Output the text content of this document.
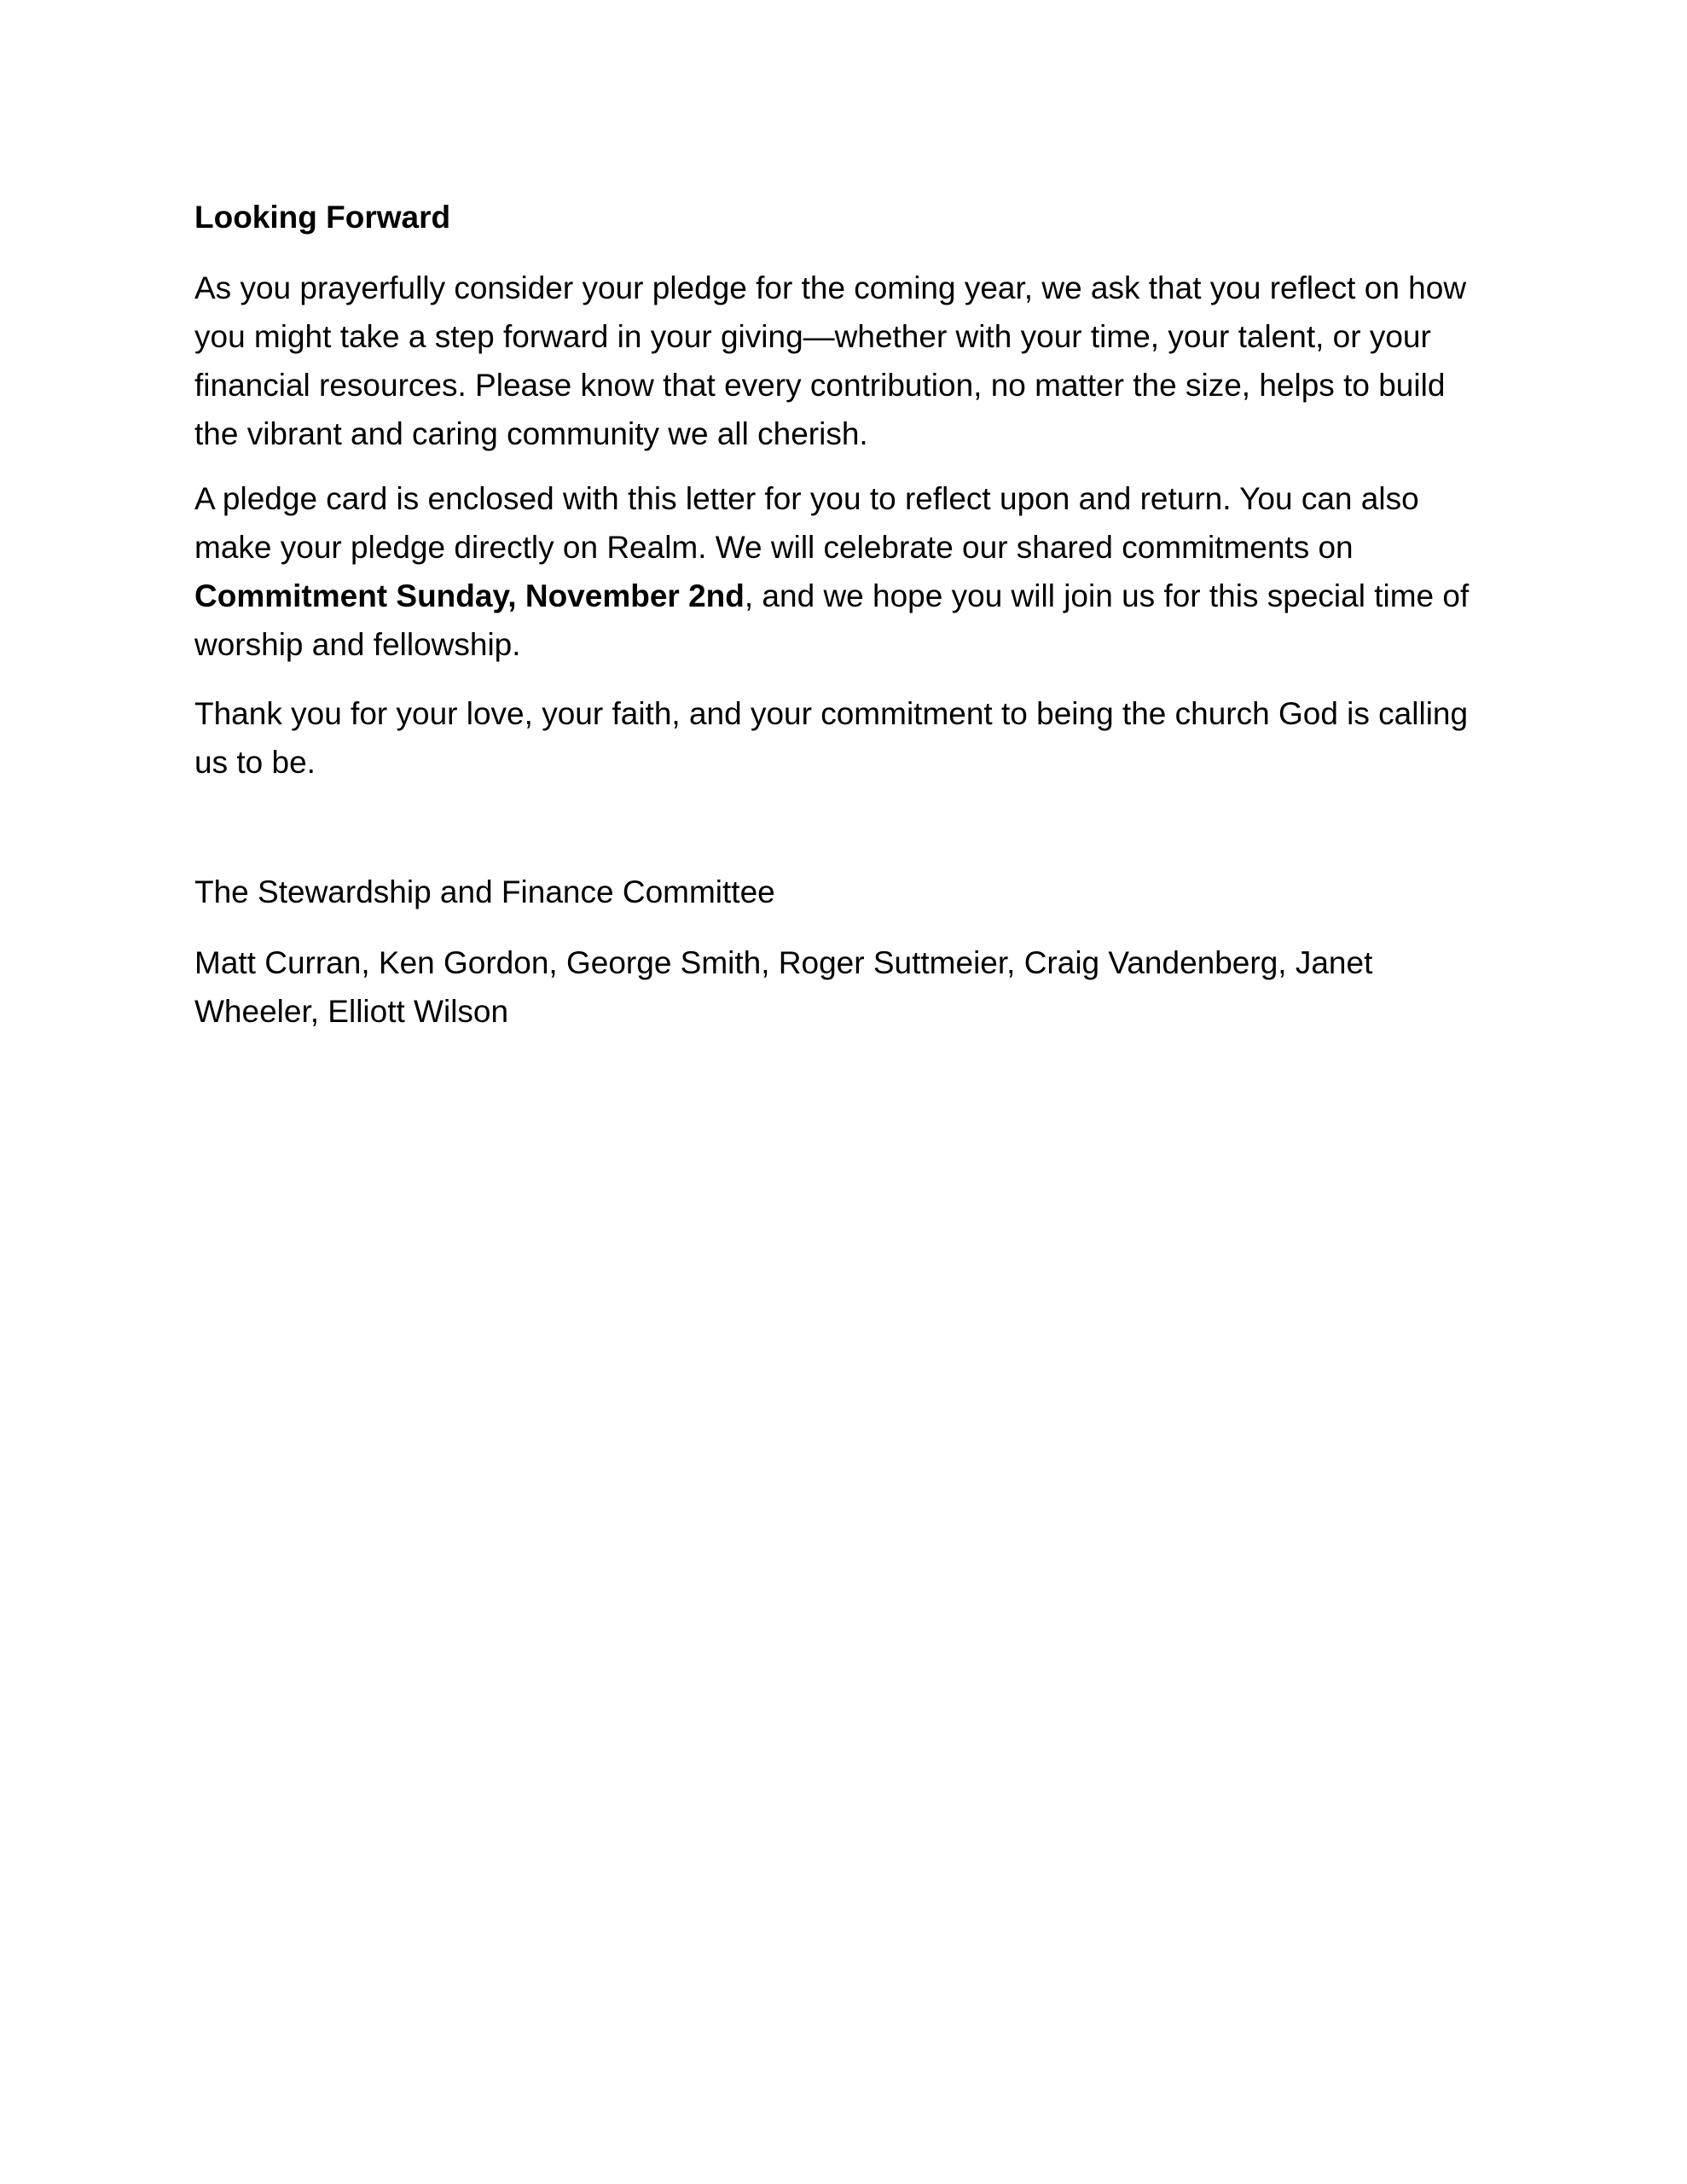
Looking Forward

As you prayerfully consider your pledge for the coming year, we ask that you reflect on how you might take a step forward in your giving—whether with your time, your talent, or your financial resources. Please know that every contribution, no matter the size, helps to build the vibrant and caring community we all cherish.

A pledge card is enclosed with this letter for you to reflect upon and return. You can also make your pledge directly on Realm. We will celebrate our shared commitments on Commitment Sunday, November 2nd, and we hope you will join us for this special time of worship and fellowship.

Thank you for your love, your faith, and your commitment to being the church God is calling us to be.

The Stewardship and Finance Committee

Matt Curran, Ken Gordon, George Smith, Roger Suttmeier, Craig Vandenberg, Janet Wheeler, Elliott Wilson
